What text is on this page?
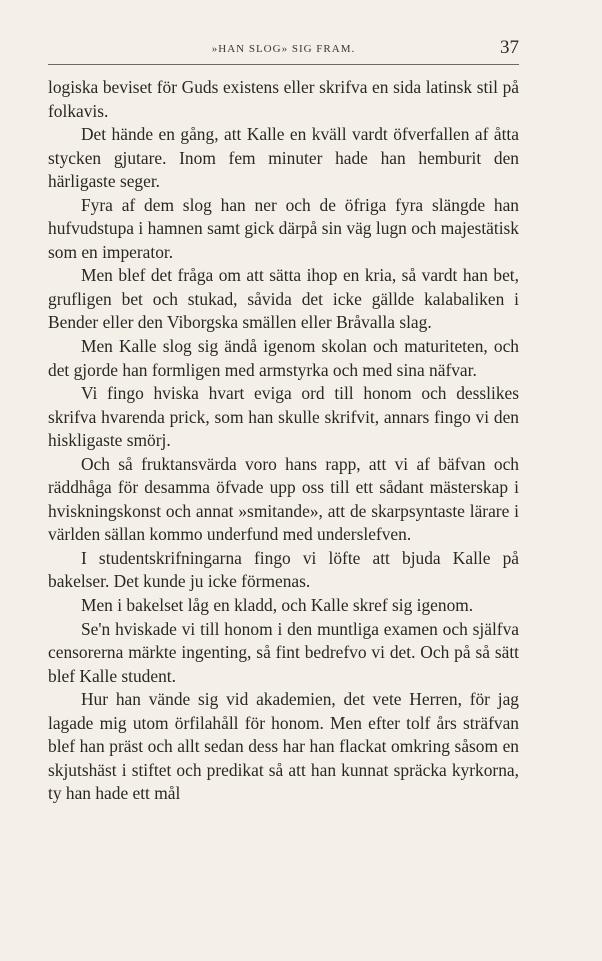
»HAN SLOG» SIG FRAM.	37

logiska beviset för Guds existens eller skrifva en sida latinsk stil på folkavis.

Det hände en gång, att Kalle en kväll vardt öfverfallen af åtta stycken gjutare. Inom fem minuter hade han hemburit den härligaste seger.

Fyra af dem slog han ner och de öfriga fyra slängde han hufvudstupa i hamnen samt gick därpå sin väg lugn och majestätisk som en imperator.

Men blef det fråga om att sätta ihop en kria, så vardt han bet, grufligen bet och stukad, såvida det icke gällde kalabaliken i Bender eller den Viborgska smällen eller Bråvalla slag.

Men Kalle slog sig ändå igenom skolan och maturiteten, och det gjorde han formligen med armstyrka och med sina näfvar.

Vi fingo hviska hvart eviga ord till honom och desslikes skrifva hvarenda prick, som han skulle skrifvit, annars fingo vi den hiskligaste smörj.

Och så fruktansvärda voro hans rapp, att vi af bäfvan och räddhåga för desamma öfvade upp oss till ett sådant mästerskap i hviskningskonst och annat »smitande», att de skarpsyntaste lärare i världen sällan kommo underfund med underslefven.

I studentskrifningarna fingo vi löfte att bjuda Kalle på bakelser. Det kunde ju icke förmenas.

Men i bakelset låg en kladd, och Kalle skref sig igenom.

Se'n hviskade vi till honom i den muntliga examen och själfva censorerna märkte ingenting, så fint bedrefvo vi det. Och på så sätt blef Kalle student.

Hur han vände sig vid akademien, det vete Herren, för jag lagade mig utom örfilahåll för honom. Men efter tolf års sträfvan blef han präst och allt sedan dess har han flackat omkring såsom en skjutshäst i stiftet och predikat så att han kunnat spräcka kyrkorna, ty han hade ett mål
